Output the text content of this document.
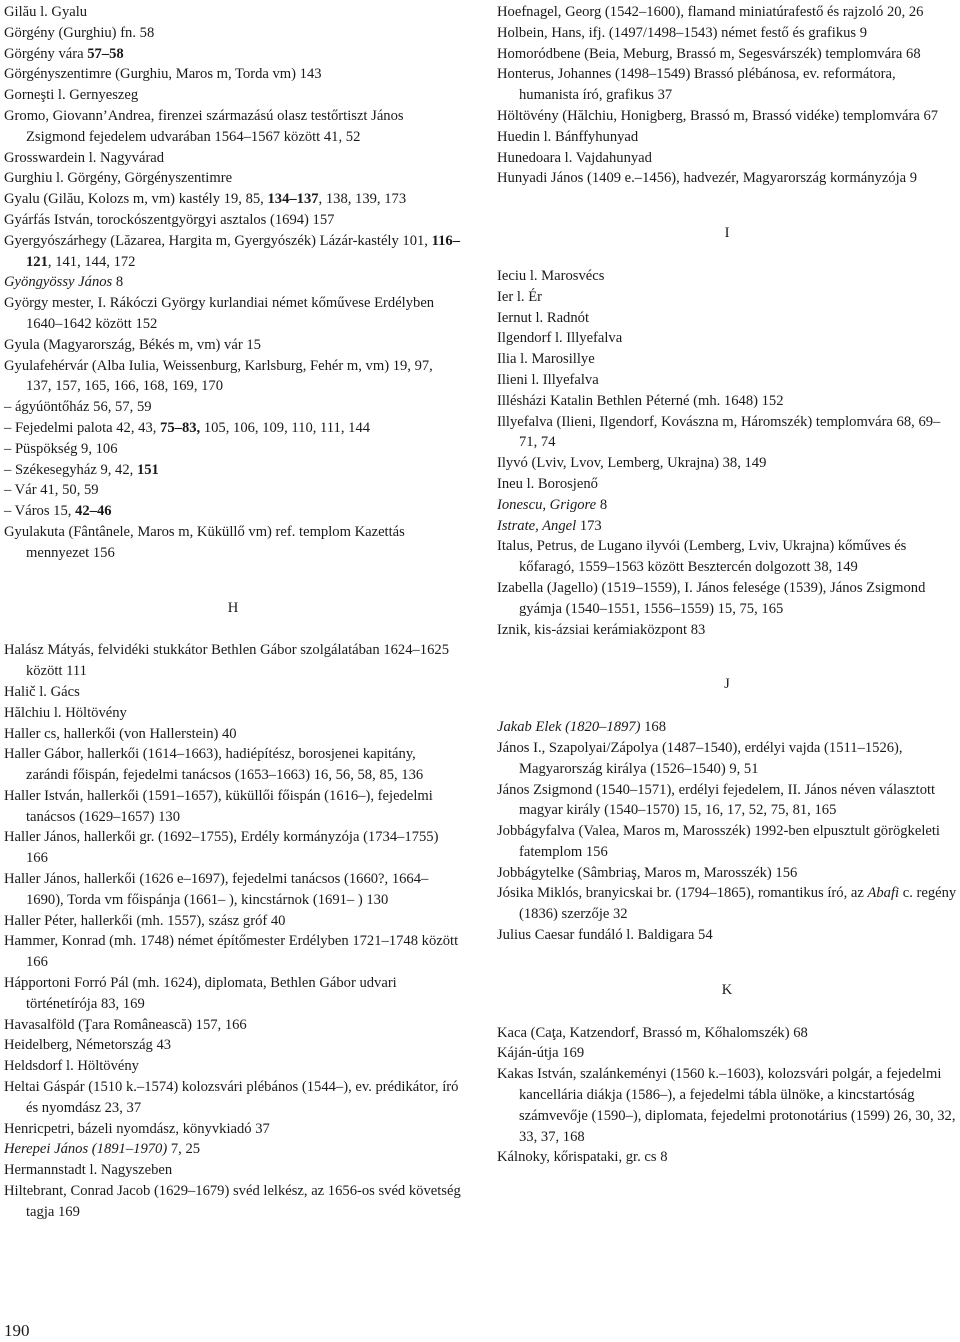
Gilău l. Gyalu

Görgény (Gurghiu) fn. 58

Görgény vára 57–58

Görgényszentimre (Gurghiu, Maros m, Torda vm) 143

Gorneşti l. Gernyeszeg

Gromo, Giovann’Andrea, firenzei származású olasz testőrtiszt János Zsigmond fejedelem udvarában 1564–1567 között 41, 52

Grosswardein l. Nagyvárad

Gurghiu l. Görgény, Görgényszentimre

Gyalu (Gilău, Kolozs m, vm) kastély 19, 85, 134–137, 138, 139, 173

Gyárfás István, torockószentgyörgyi asztalos (1694) 157

Gyergyószárhegy (Lăzarea, Hargita m, Gyergyószék) Lázár-kastély 101, 116–121, 141, 144, 172

Gyöngyössy János 8

György mester, I. Rákóczi György kurlandiai német kőművese Erdélyben 1640–1642 között 152

Gyula (Magyarország, Békés m, vm) vár 15

Gyulafehérvár (Alba Iulia, Weissenburg, Karlsburg, Fehér m, vm) 19, 97, 137, 157, 165, 166, 168, 169, 170

– ágyúöntőház 56, 57, 59

– Fejedelmi palota 42, 43, 75–83, 105, 106, 109, 110, 111, 144

– Püspökség 9, 106

– Székesegyház 9, 42, 151

– Vár 41, 50, 59

– Város 15, 42–46

Gyulakuta (Fântânele, Maros m, Küküllő vm) ref. templom Kazettás mennyezet 156

H

Halász Mátyás, felvidéki stukkátor Bethlen Gábor szolgálatában 1624–1625 között 111

Halič l. Gács

Hălchiu l. Höltövény

Haller cs, hallerkői (von Hallerstein) 40

Haller Gábor, hallerkői (1614–1663), hadiépítész, borosjenei kapitány, zarándi főispán, fejedelmi tanácsos (1653–1663) 16, 56, 58, 85, 136

Haller István, hallerkői (1591–1657), küküllői főispán (1616–), fejedelmi tanácsos (1629–1657) 130

Haller János, hallerkői gr. (1692–1755), Erdély kormányzója (1734–1755) 166

Haller János, hallerkői (1626 e–1697), fejedelmi tanácsos (1660?, 1664–1690), Torda vm főispánja (1661– ), kincstárnok (1691– ) 130

Haller Péter, hallerkői (mh. 1557), szász gróf 40

Hammer, Konrad (mh. 1748) német építőmester Erdélyben 1721–1748 között 166

Hápportoni Forró Pál (mh. 1624), diplomata, Bethlen Gábor udvari történetírója 83, 169

Havasalföld (Ţara Românească) 157, 166

Heidelberg, Németország 43

Heldsdorf l. Höltövény

Heltai Gáspár (1510 k.–1574) kolozsvári plébános (1544–), ev. prédikátor, író és nyomdász 23, 37

Henricpetri, bázeli nyomdász, könyvkiadó 37

Herepei János (1891–1970) 7, 25

Hermannstadt l. Nagyszeben

Hiltebrant, Conrad Jacob (1629–1679) svéd lelkész, az 1656-os svéd követség tagja 169

Hoefnagel, Georg (1542–1600), flamand miniatúrafestő és rajzoló 20, 26

Holbein, Hans, ifj. (1497/1498–1543) német festő és grafikus 9

Homoródbene (Beia, Meburg, Brassó m, Segesvárszék) templomvára 68

Honterus, Johannes (1498–1549) Brassó plébánosa, ev. reformátora, humanista író, grafikus 37

Höltövény (Hălchiu, Honigberg, Brassó m, Brassó vidéke) templomvára 67

Huedin l. Bánffyhunyad

Hunedoara l. Vajdahunyad

Hunyadi János (1409 e.–1456), hadvezér, Magyarország kormányzója 9

I

Ieciu l. Marosvécs

Ier l. Ér

Iernut l. Radnót

Ilgendorf l. Illyefalva

Ilia l. Marosillye

Ilieni l. Illyefalva

Illésházi Katalin Bethlen Péterné (mh. 1648) 152

Illyefalva (Ilieni, Ilgendorf, Kovászna m, Háromszék) templomvára 68, 69–71, 74

Ilyvó (Lviv, Lvov, Lemberg, Ukrajna) 38, 149

Ineu l. Borosjenő

Ionescu, Grigore 8

Istrate, Angel 173

Italus, Petrus, de Lugano ilyvói (Lemberg, Lviv, Ukrajna) kőműves és kőfaragó, 1559–1563 között Besztercén dolgozott 38, 149

Izabella (Jagello) (1519–1559), I. János felesége (1539), János Zsigmond gyámja (1540–1551, 1556–1559) 15, 75, 165

Iznik, kis-ázsiai kerámiaközpont 83

J

Jakab Elek (1820–1897) 168

János I., Szapolyai/Zápolya (1487–1540), erdélyi vajda (1511–1526), Magyarország királya (1526–1540) 9, 51

János Zsigmond (1540–1571), erdélyi fejedelem, II. János néven választott magyar király (1540–1570) 15, 16, 17, 52, 75, 81, 165

Jobbágyfalva (Valea, Maros m, Marosszék) 1992-ben elpusztult görögkeleti fatemplom 156

Jobbágytelke (Sâmbriaş, Maros m, Marosszék) 156

Jósika Miklós, branyicskai br. (1794–1865), romantikus író, az Abafi c. regény (1836) szerzője 32

Julius Caesar fundáló l. Baldigara 54

K

Kaca (Caţa, Katzendorf, Brassó m, Kőhalomszék) 68

Káján-útja 169

Kakas István, szalánkeményi (1560 k.–1603), kolozsvári polgár, a fejedelmi kancellária diákja (1586–), a fejedelmi tábla ülnöke, a kincstartóság számvevője (1590–), diplomata, fejedelmi protonotárius (1599) 26, 30, 32, 33, 37, 168

Kálnoky, kőrispataki, gr. cs 8

190
